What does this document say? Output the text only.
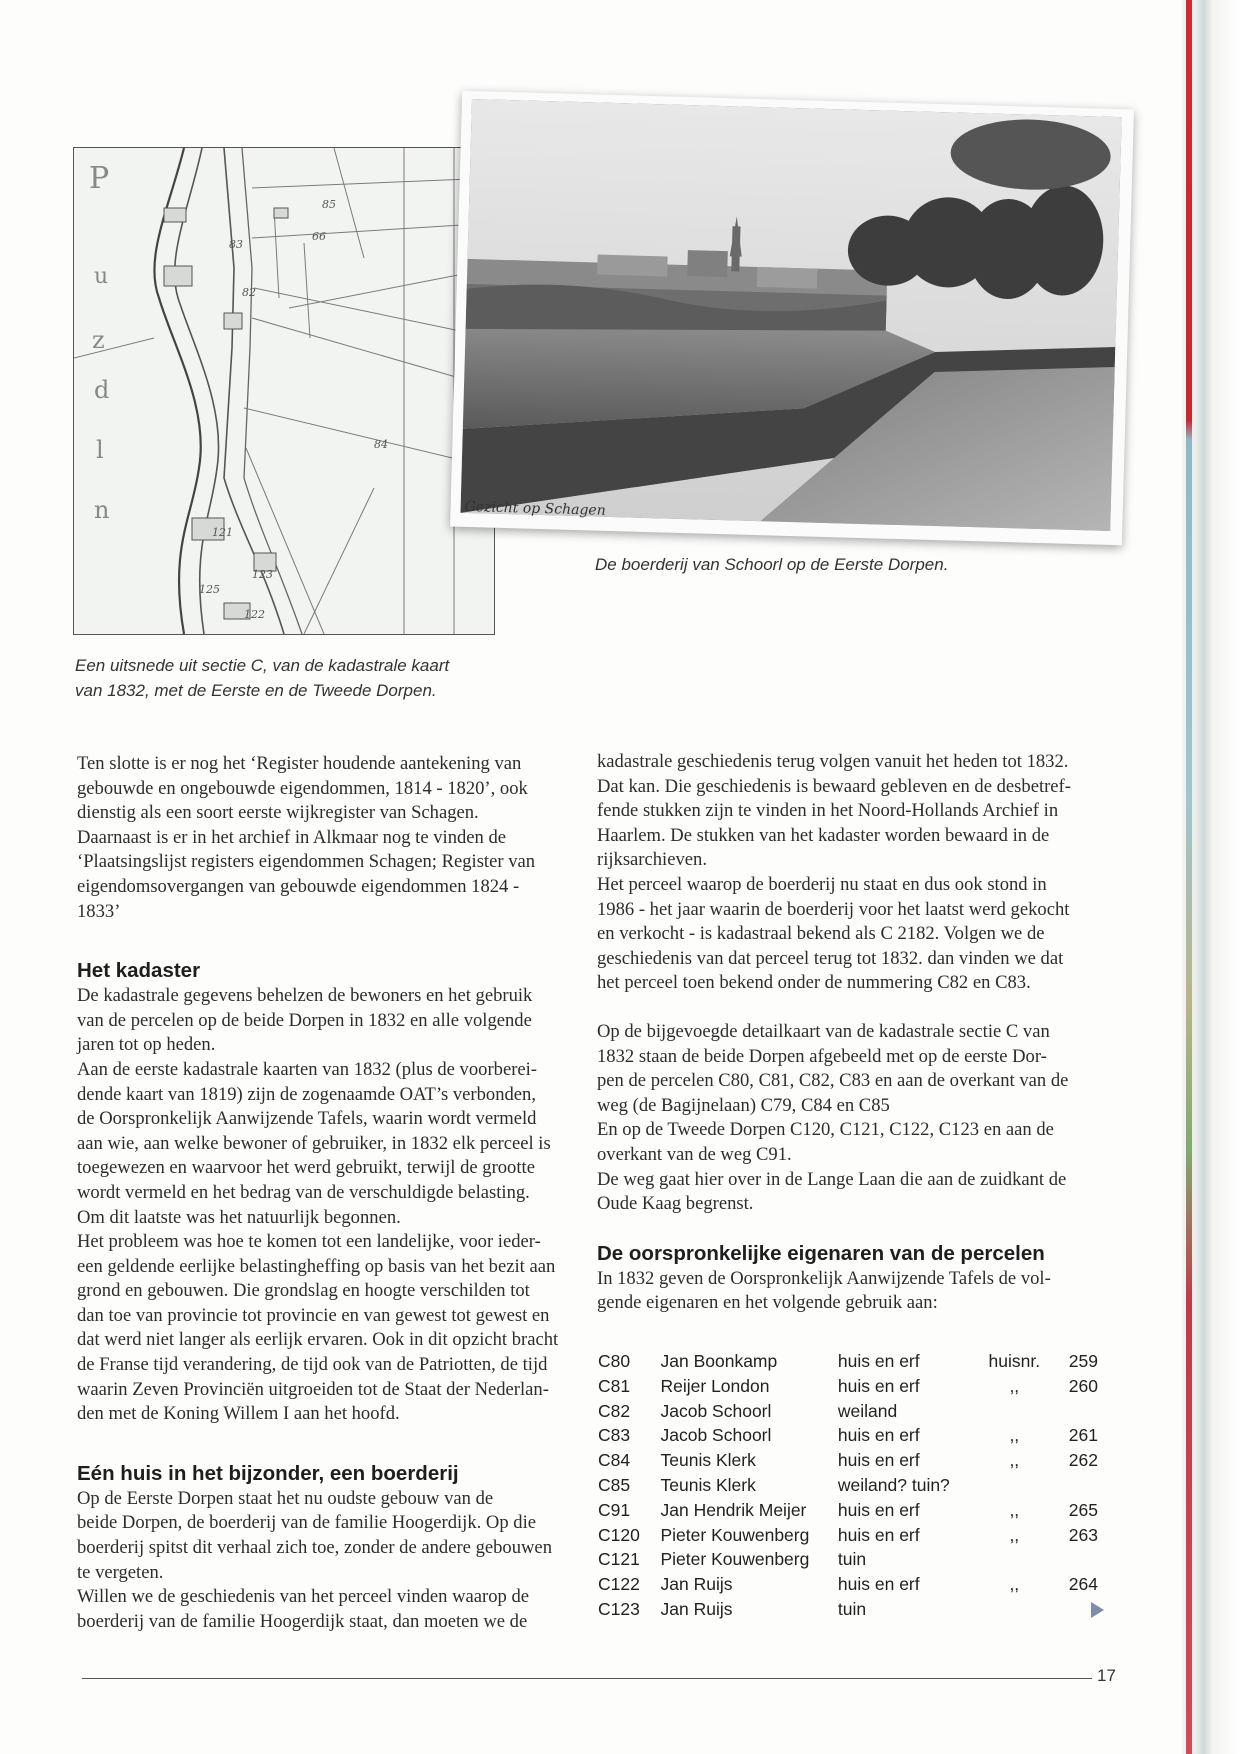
66
85
83
82
84
121
123
122
125
P
u
z
d
l
n	Gezicht op Schagen
De boerderij van Schoorl op de Eerste Dorpen.
Een uitsnede uit sectie C, van de kadastrale kaart
van 1832, met de Eerste en de Tweede Dorpen.

Ten slotte is er nog het ‘Register houdende aantekening van

gebouwde en ongebouwde eigendommen, 1814 - 1820’, ook

dienstig als een soort eerste wijkregister van Schagen.

Daarnaast is er in het archief in Alkmaar nog te vinden de

‘Plaatsingslijst registers eigendommen Schagen; Register van

eigendomsovergangen van gebouwde eigendommen 1824 -

1833’

Het kadaster

De kadastrale gegevens behelzen de bewoners en het gebruik

van de percelen op de beide Dorpen in 1832 en alle volgende

jaren tot op heden.

Aan de eerste kadastrale kaarten van 1832 (plus de voorberei-

dende kaart van 1819) zijn de zogenaamde OAT’s verbonden,

de Oorspronkelijk Aanwijzende Tafels, waarin wordt vermeld

aan wie, aan welke bewoner of gebruiker, in 1832 elk perceel is

toegewezen en waarvoor het werd gebruikt, terwijl de grootte

wordt vermeld en het bedrag van de verschuldigde belasting.

Om dit laatste was het natuurlijk begonnen.

Het probleem was hoe te komen tot een landelijke, voor ieder-

een geldende eerlijke belastingheffing op basis van het bezit aan

grond en gebouwen. Die grondslag en hoogte verschilden tot

dan toe van provincie tot provincie en van gewest tot gewest en

dat werd niet langer als eerlijk ervaren. Ook in dit opzicht bracht

de Franse tijd verandering, de tijd ook van de Patriotten, de tijd

waarin Zeven Provinciën uitgroeiden tot de Staat der Nederlan-

den met de Koning Willem I aan het hoofd.

Eén huis in het bijzonder, een boerderij

Op de Eerste Dorpen staat het nu oudste gebouw van de

beide Dorpen, de boerderij van de familie Hoogerdijk. Op die

boerderij spitst dit verhaal zich toe, zonder de andere gebouwen

te vergeten.

Willen we de geschiedenis van het perceel vinden waarop de

boerderij van de familie Hoogerdijk staat, dan moeten we de

kadastrale geschiedenis terug volgen vanuit het heden tot 1832.

Dat kan. Die geschiedenis is bewaard gebleven en de desbetref-

fende stukken zijn te vinden in het Noord-Hollands Archief in

Haarlem. De stukken van het kadaster worden bewaard in de

rijksarchieven.

Het perceel waarop de boerderij nu staat en dus ook stond in

1986 - het jaar waarin de boerderij voor het laatst werd gekocht

en verkocht - is kadastraal bekend als C 2182. Volgen we de

geschiedenis van dat perceel terug tot 1832. dan vinden we dat

het perceel toen bekend onder de nummering C82 en C83.

Op de bijgevoegde detailkaart van de kadastrale sectie C van

1832 staan de beide Dorpen afgebeeld met op de eerste Dor-

pen de percelen C80, C81, C82, C83 en aan de overkant van de

weg (de Bagijnelaan) C79, C84 en C85

En op de Tweede Dorpen C120, C121, C122, C123 en aan de

overkant van de weg C91.

De weg gaat hier over in de Lange Laan die aan de zuidkant de

Oude Kaag begrenst.

De oorspronkelijke eigenaren van de percelen

In 1832 geven de Oorspronkelijk Aanwijzende Tafels de vol-

gende eigenaren en het volgende gebruik aan:

C80	Jan Boonkamp	huis en erf	huisnr.	259
C81	Reijer London	huis en erf	,,	260
C82	Jacob Schoorl	weiland		
C83	Jacob Schoorl	huis en erf	,,	261
C84	Teunis Klerk	huis en erf	,,	262
C85	Teunis Klerk	weiland? tuin?		
C91	Jan Hendrik Meijer	huis en erf	,,	265
C120	Pieter Kouwenberg	huis en erf	,,	263
C121	Pieter Kouwenberg	tuin		
C122	Jan Ruijs	huis en erf	,,	264
C123	Jan Ruijs	tuin		
17
